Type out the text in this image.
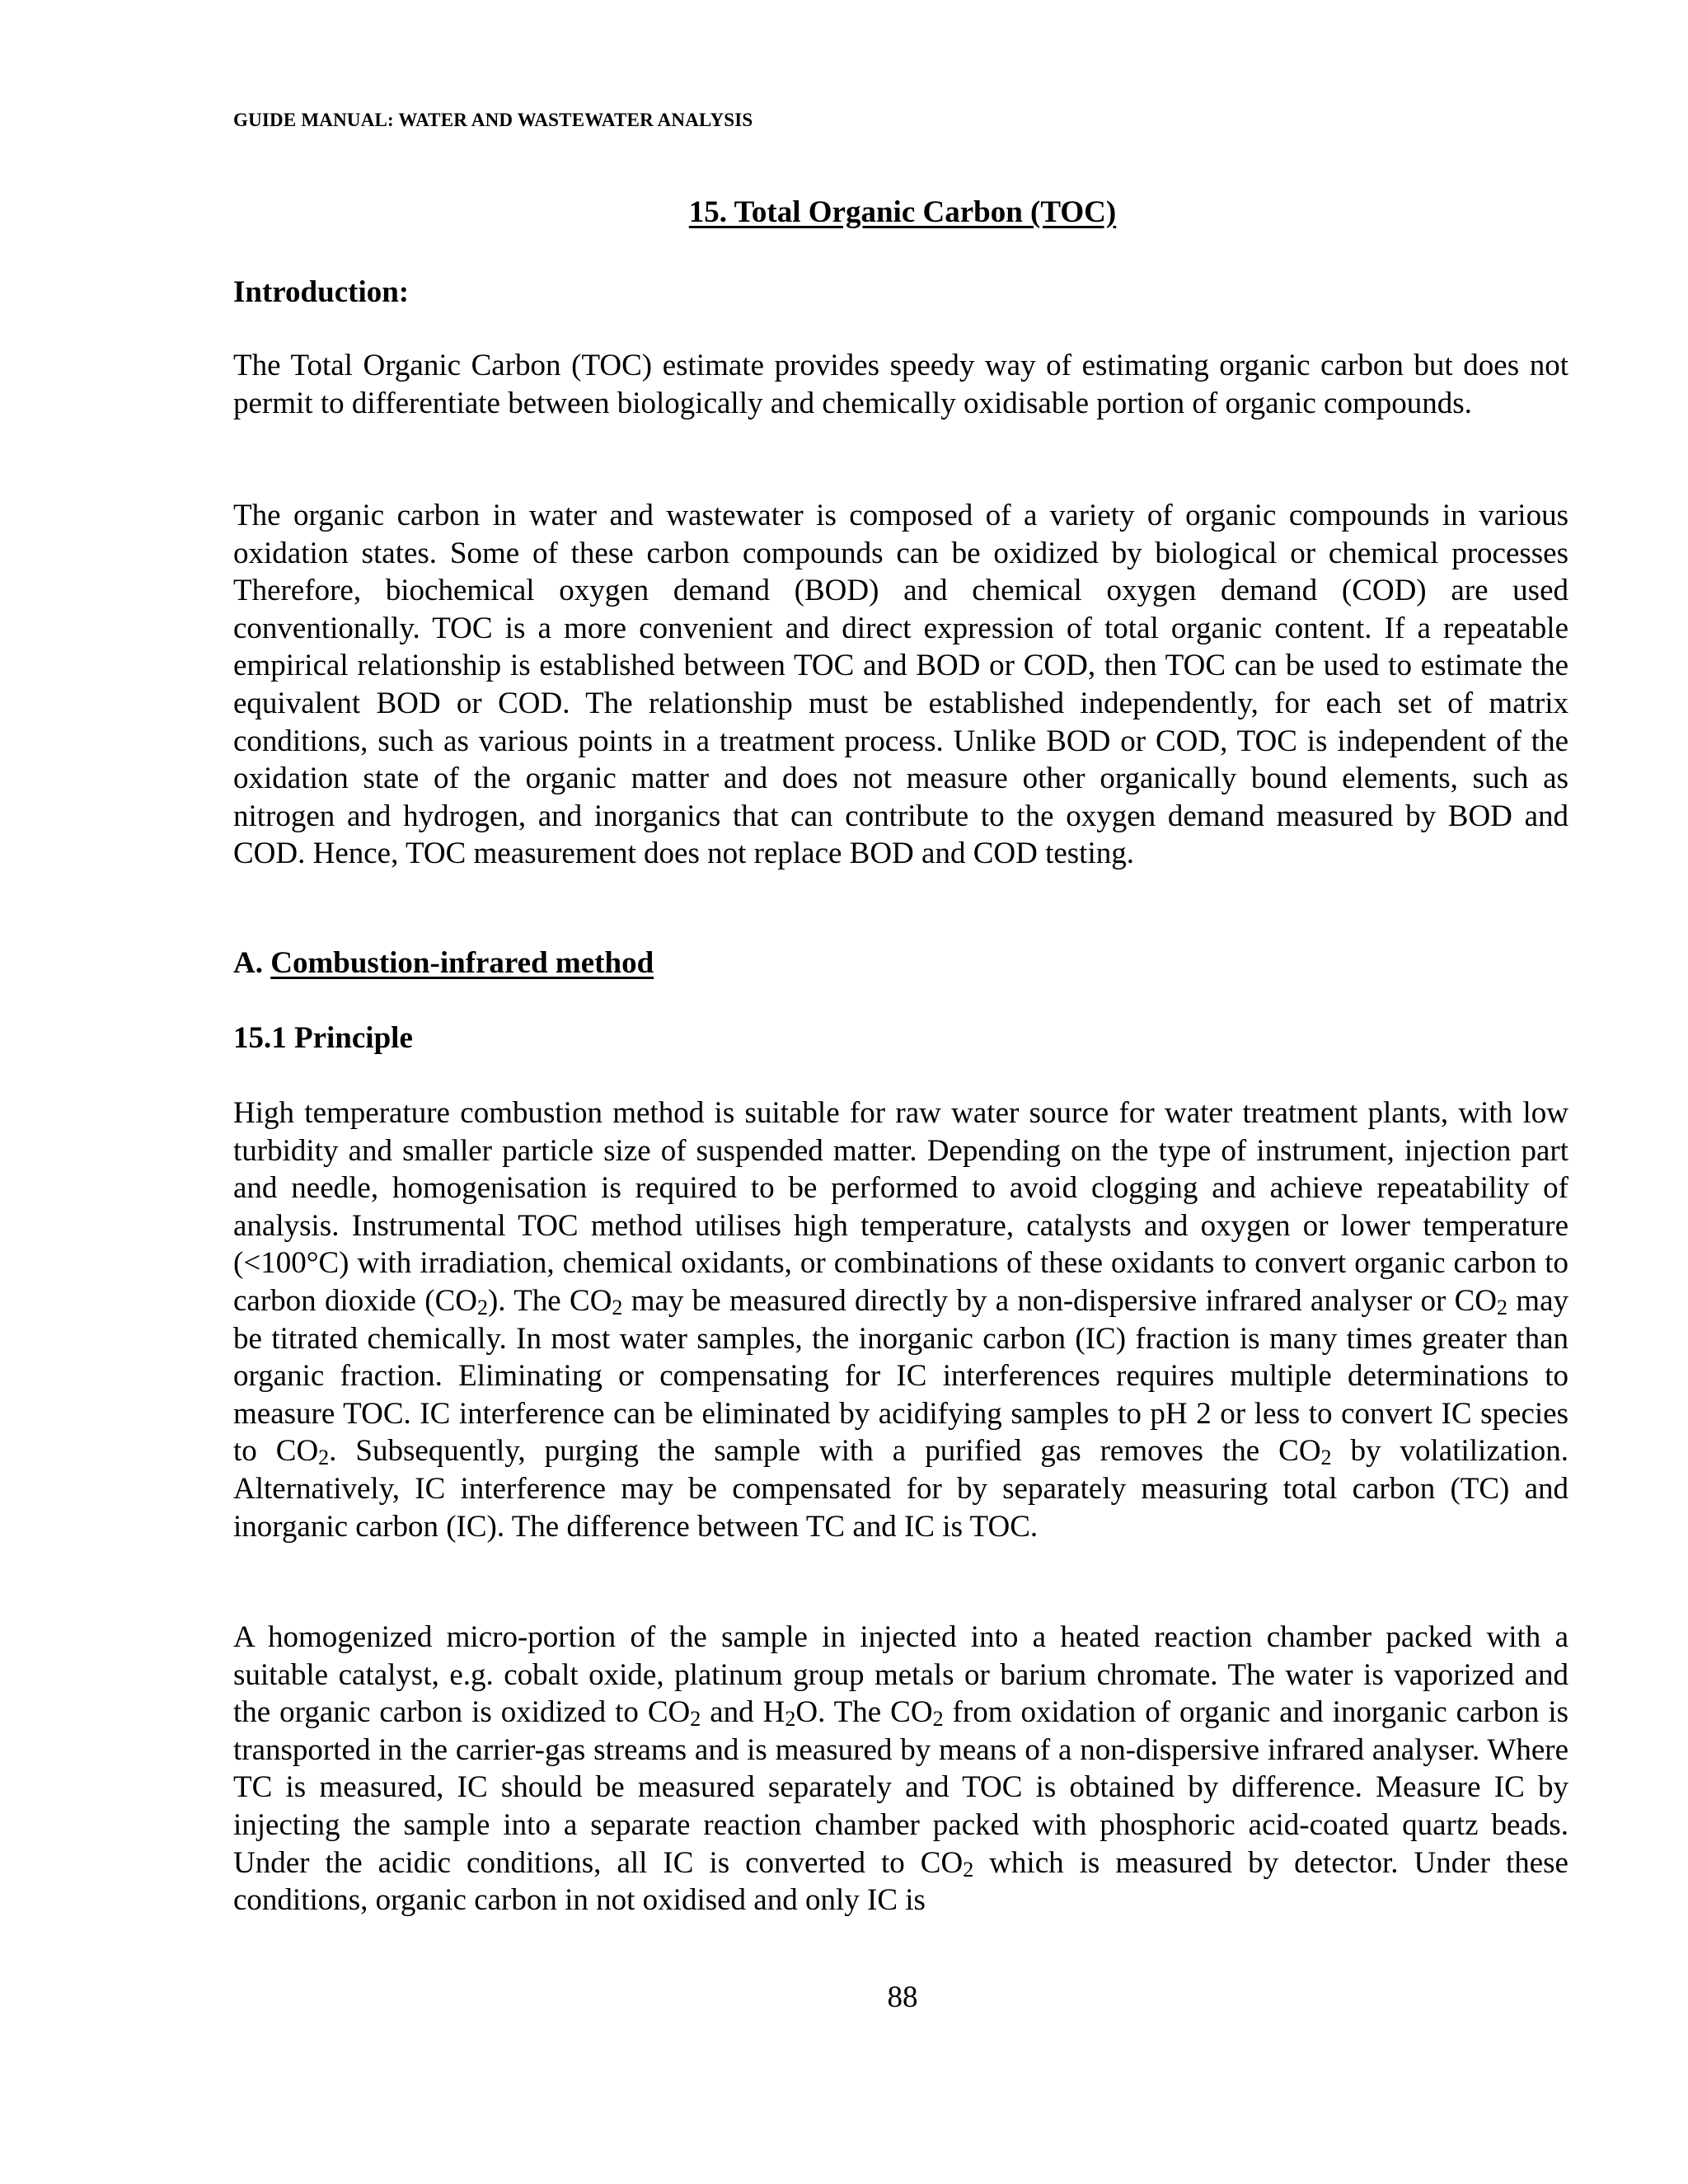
GUIDE MANUAL: WATER AND WASTEWATER ANALYSIS
15. Total Organic Carbon (TOC)
Introduction:

The Total Organic Carbon (TOC) estimate provides speedy way of estimating organic carbon but does not permit to differentiate between biologically and chemically oxidisable portion of organic compounds.

The organic carbon in water and wastewater is composed of a variety of organic compounds in various oxidation states. Some of these carbon compounds can be oxidized by biological or chemical processes Therefore, biochemical oxygen demand (BOD) and chemical oxygen demand (COD) are used conventionally. TOC is a more convenient and direct expression of total organic content. If a repeatable empirical relationship is established between TOC and BOD or COD, then TOC can be used to estimate the equivalent BOD or COD. The relationship must be established independently, for each set of matrix conditions, such as various points in a treatment process. Unlike BOD or COD, TOC is independent of the oxidation state of the organic matter and does not measure other organically bound elements, such as nitrogen and hydrogen, and inorganics that can contribute to the oxygen demand measured by BOD and COD. Hence, TOC measurement does not replace BOD and COD testing.

A. Combustion-infrared method
15.1 Principle

High temperature combustion method is suitable for raw water source for water treatment plants, with low turbidity and smaller particle size of suspended matter. Depending on the type of instrument, injection part and needle, homogenisation is required to be performed to avoid clogging and achieve repeatability of analysis. Instrumental TOC method utilises high temperature, catalysts and oxygen or lower temperature (<100°C) with irradiation, chemical oxidants, or combinations of these oxidants to convert organic carbon to carbon dioxide $(CO_2)$. The $CO_2$ may be measured directly by a non-dispersive infrared analyser or $CO_2$ may be titrated chemically. In most water samples, the inorganic carbon (IC) fraction is many times greater than organic fraction. Eliminating or compensating for IC interferences requires multiple determinations to measure TOC. IC interference can be eliminated by acidifying samples to pH 2 or less to convert IC species to $CO_2$. Subsequently, purging the sample with a purified gas removes the $CO_2$ by volatilization. Alternatively, IC interference may be compensated for by separately measuring total carbon (TC) and inorganic carbon (IC). The difference between TC and IC is TOC.

A homogenized micro-portion of the sample in injected into a heated reaction chamber packed with a suitable catalyst, e.g. cobalt oxide, platinum group metals or barium chromate. The water is vaporized and the organic carbon is oxidized to $CO_2$ and $H_2O$. The $CO_2$ from oxidation of organic and inorganic carbon is transported in the carrier-gas streams and is measured by means of a non-dispersive infrared analyser. Where TC is measured, IC should be measured separately and TOC is obtained by difference. Measure IC by injecting the sample into a separate reaction chamber packed with phosphoric acid-coated quartz beads. Under the acidic conditions, all IC is converted to $CO_2$ which is measured by detector. Under these conditions, organic carbon in not oxidised and only IC is

88
